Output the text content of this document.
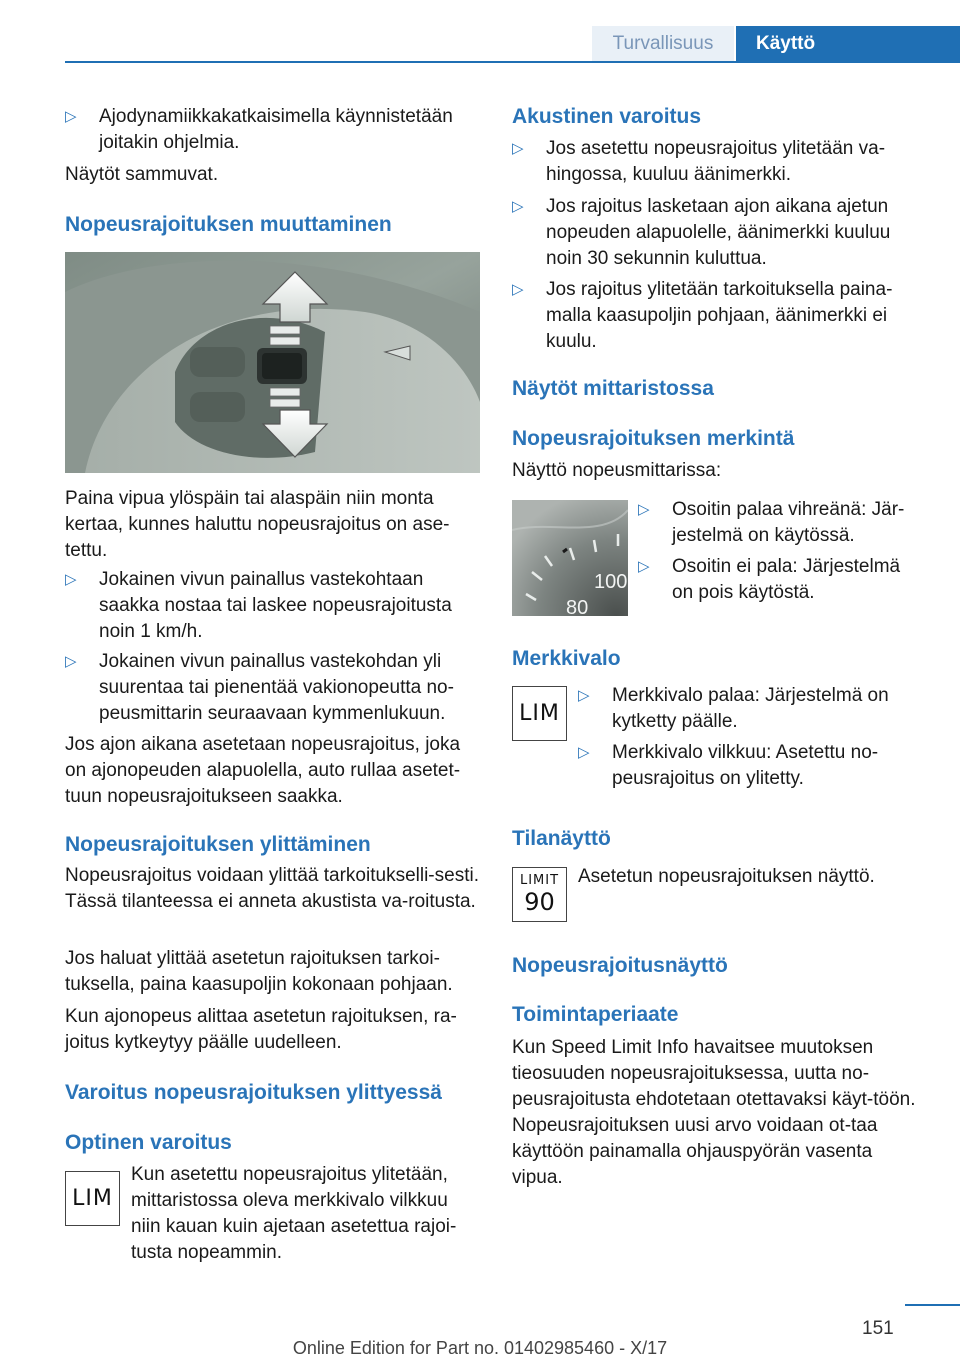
Turvallisuus	Käyttö
▷ Ajodynamiikkakatkaisimella käynnistetään joitakin ohjelmia.

Näytöt sammuvat.

Nopeusrajoituksen muuttaminen

Paina vipua ylöspäin tai alaspäin niin monta kertaa, kunnes haluttu nopeusrajoitus on ase‐tettu.

▷ Jokainen vivun painallus vastekohtaan saakka nostaa tai laskee nopeusrajoitusta noin 1 km/h.
▷ Jokainen vivun painallus vastekohdan yli suurentaa tai pienentää vakionopeutta no‐peusmittarin seuraavaan kymmenlukuun.

Jos ajon aikana asetetaan nopeusrajoitus, joka on ajonopeuden alapuolella, auto rullaa asetet‐tuun nopeusrajoitukseen saakka.

Nopeusrajoituksen ylittäminen

Nopeusrajoitus voidaan ylittää tarkoitukselli‐sesti. Tässä tilanteessa ei anneta akustista va‐roitusta.

Jos haluat ylittää asetetun rajoituksen tarkoi‐tuksella, paina kaasupoljin kokonaan pohjaan.

Kun ajonopeus alittaa asetetun rajoituksen, ra‐joitus kytkeytyy päälle uudelleen.

Varoitus nopeusrajoituksen ylittyessä
Optinen varoitus
LIM

Kun asetettu nopeusrajoitus ylitetään, mittaristossa oleva merkkivalo vilkkuu niin kauan kuin ajetaan asetettua rajoi‐tusta nopeammin.

Akustinen varoitus
▷ Jos asetettu nopeusrajoitus ylitetään va‐hingossa, kuuluu äänimerkki.
▷ Jos rajoitus lasketaan ajon aikana ajetun nopeuden alapuolelle, äänimerkki kuuluu noin 30 sekunnin kuluttua.
▷ Jos rajoitus ylitetään tarkoituksella paina‐malla kaasupoljin pohjaan, äänimerkki ei kuulu.
Näytöt mittaristossa
Nopeusrajoituksen merkintä

Näyttö nopeusmittarissa:

100
80
▷ Osoitin palaa vihreänä: Jär‐jestelmä on käytössä.
▷ Osoitin ei pala: Järjestelmä on pois käytöstä.
Merkkivalo
LIM
▷ Merkkivalo palaa: Järjestelmä on kytketty päälle.
▷ Merkkivalo vilkkuu: Asetettu no‐peusrajoitus on ylitetty.
Tilanäyttö
LIMIT
90

Asetetun nopeusrajoituksen näyttö.

Nopeusrajoitusnäyttö
Toimintaperiaate

Kun Speed Limit Info havaitsee muutoksen tieosuuden nopeusrajoituksessa, uutta no‐peusrajoitusta ehdotetaan otettavaksi käyt‐töön. Nopeusrajoituksen uusi arvo voidaan ot‐taa käyttöön painamalla ohjauspyörän vasenta vipua.

151
Online Edition for Part no. 01402985460 - X/17
